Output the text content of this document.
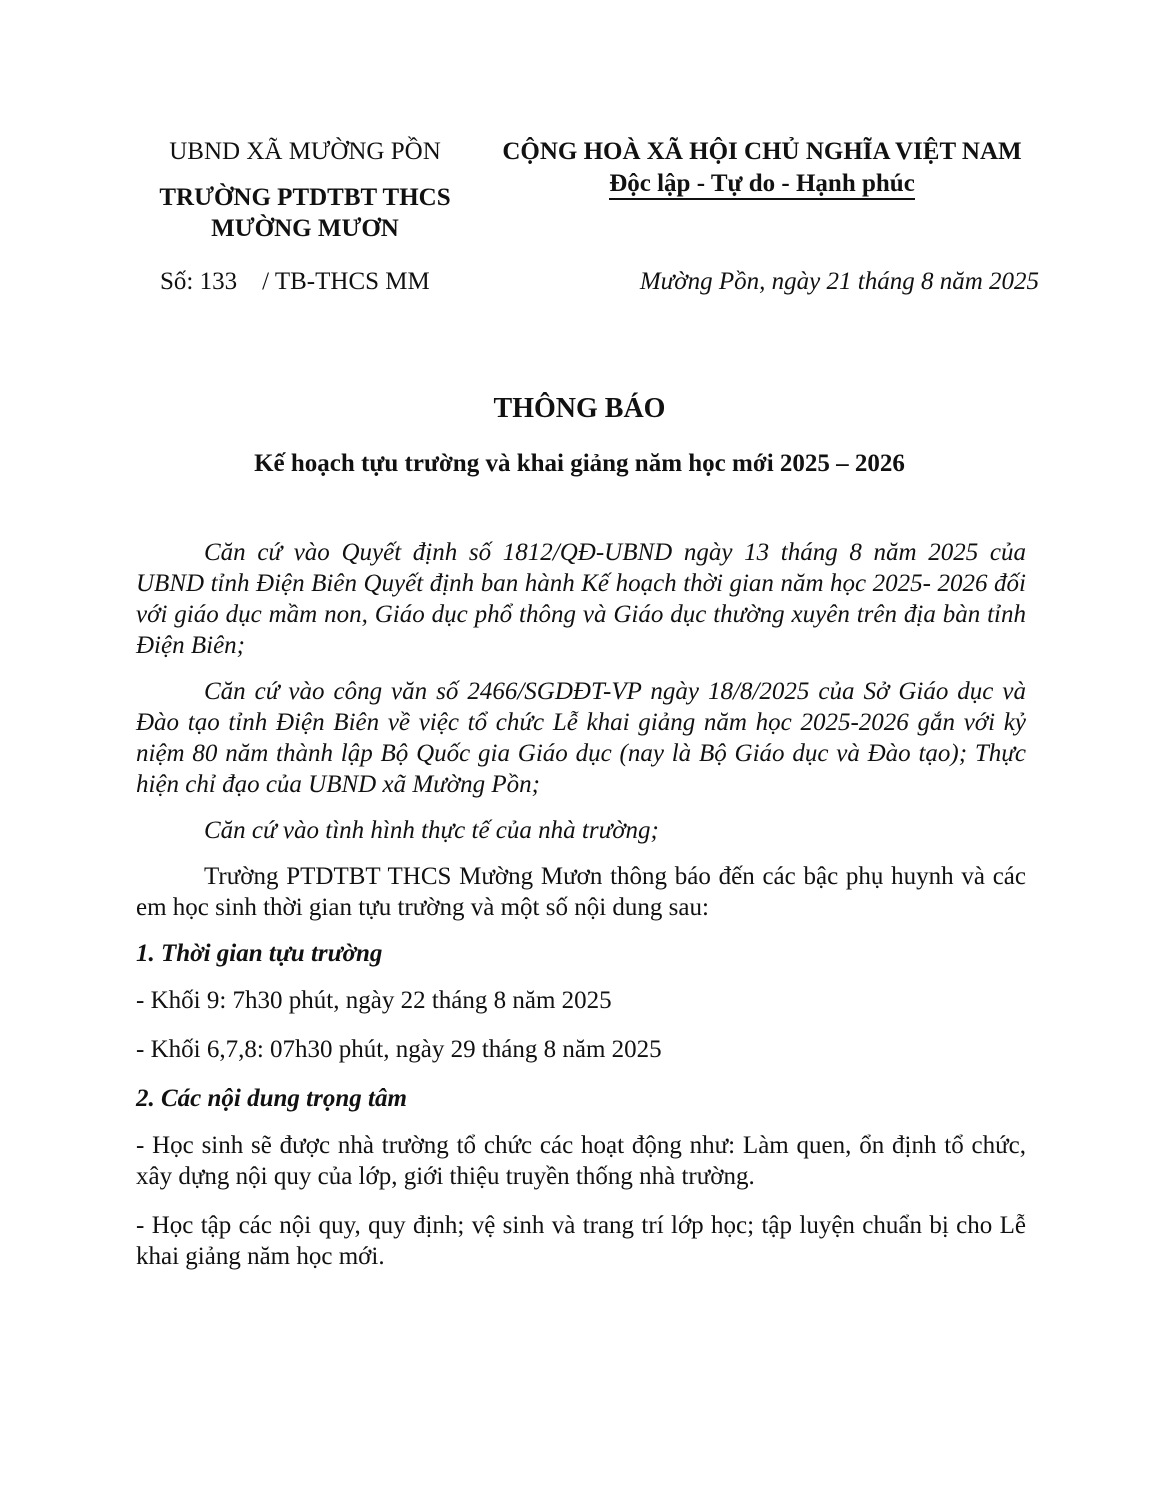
UBND XÃ MƯỜNG PỒN

TRƯỜNG PTDTBT THCS
MƯỜNG MƯƠN

Số: 133    / TB-THCS MM

CỘNG HOÀ XÃ HỘI CHỦ NGHĨA VIỆT NAM

Độc lập - Tự do - Hạnh phúc
Mường Pồn, ngày 21 tháng 8 năm 2025
THÔNG BÁO
Kế hoạch tựu trường và khai giảng năm học mới 2025 – 2026

Căn cứ vào Quyết định số 1812/QĐ-UBND ngày 13 tháng 8 năm 2025 của UBND tỉnh Điện Biên Quyết định ban hành Kế hoạch thời gian năm học 2025- 2026 đối với giáo dục mầm non, Giáo dục phổ thông và Giáo dục thường xuyên trên địa bàn tỉnh Điện Biên;

Căn cứ vào công văn số 2466/SGDĐT-VP ngày 18/8/2025 của Sở Giáo dục và Đào tạo tỉnh Điện Biên về việc tổ chức Lễ khai giảng năm học 2025-2026 gắn với kỷ niệm 80 năm thành lập Bộ Quốc gia Giáo dục (nay là Bộ Giáo dục và Đào tạo); Thực hiện chỉ đạo của UBND xã Mường Pồn;

Căn cứ vào tình hình thực tế của nhà trường;

Trường PTDTBT THCS Mường Mươn thông báo đến các bậc phụ huynh và các em học sinh thời gian tựu trường và một số nội dung sau:

1. Thời gian tựu trường

- Khối 9: 7h30 phút, ngày 22 tháng 8 năm 2025

- Khối 6,7,8: 07h30 phút, ngày 29 tháng 8 năm 2025

2. Các nội dung trọng tâm

- Học sinh sẽ được nhà trường tổ chức các hoạt động như: Làm quen, ổn định tổ chức, xây dựng nội quy của lớp, giới thiệu truyền thống nhà trường.

- Học tập các nội quy, quy định; vệ sinh và trang trí lớp học; tập luyện chuẩn bị cho Lễ khai giảng năm học mới.
